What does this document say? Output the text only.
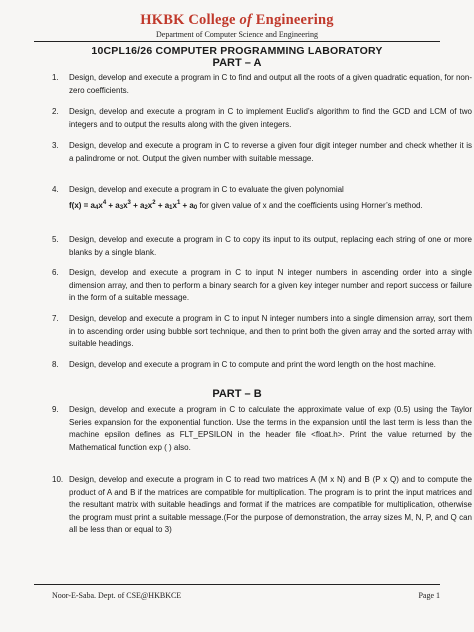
HKBK College of Engineering
Department of Computer Science and Engineering
10CPL16/26 COMPUTER PROGRAMMING LABORATORY
PART – A
1.	Design, develop and execute a program in C to find and output all the roots of a given quadratic equation, for non-zero coefficients.
2.	Design, develop and execute a program in C to implement Euclid’s algorithm to find the GCD and LCM of two integers and to output the results along with the given integers.
3.	Design, develop and execute a program in C to reverse a given four digit integer number and check whether it is a palindrome or not. Output the given number with suitable message.
4.	Design, develop and execute a program in C to evaluate the given polynomial
$f(x) = a_4x^4 + a_3x^3 + a_2x^2 + a_1x^1 + a_0$ for given value of x and the coefficients using Horner’s method.
5.	Design, develop and execute a program in C to copy its input to its output, replacing each string of one or more blanks by a single blank.
6.	Design, develop and execute a program in C to input N integer numbers in ascending order into a single dimension array, and then to perform a binary search for a given key integer number and report success or failure in the form of a suitable message.
7.	Design, develop and execute a program in C to input N integer numbers into a single dimension array, sort them in to ascending order using bubble sort technique, and then to print both the given array and the sorted array with suitable headings.
8.	Design, develop and execute a program in C to compute and print the word length on the host machine.
PART – B
9.	Design, develop and execute a program in C to calculate the approximate value of exp (0.5) using the Taylor Series expansion for the exponential function. Use the terms in the expansion until the last term is less than the machine epsilon defines as FLT_EPSILON in the header file <float.h>. Print the value returned by the Mathematical function exp ( ) also.
10. Design, develop and execute a program in C to read two matrices A (M x N) and B (P x Q) and to compute the product of A and B if the matrices are compatible for multiplication. The program is to print the input matrices and the resultant matrix with suitable headings and format if the matrices are compatible for multiplication, otherwise the program must print a suitable message.(For the purpose of demonstration, the array sizes M, N, P, and Q can all be less than or equal to 3)
Noor-E-Saba. Dept. of CSE@HKBKCE	Page 1
